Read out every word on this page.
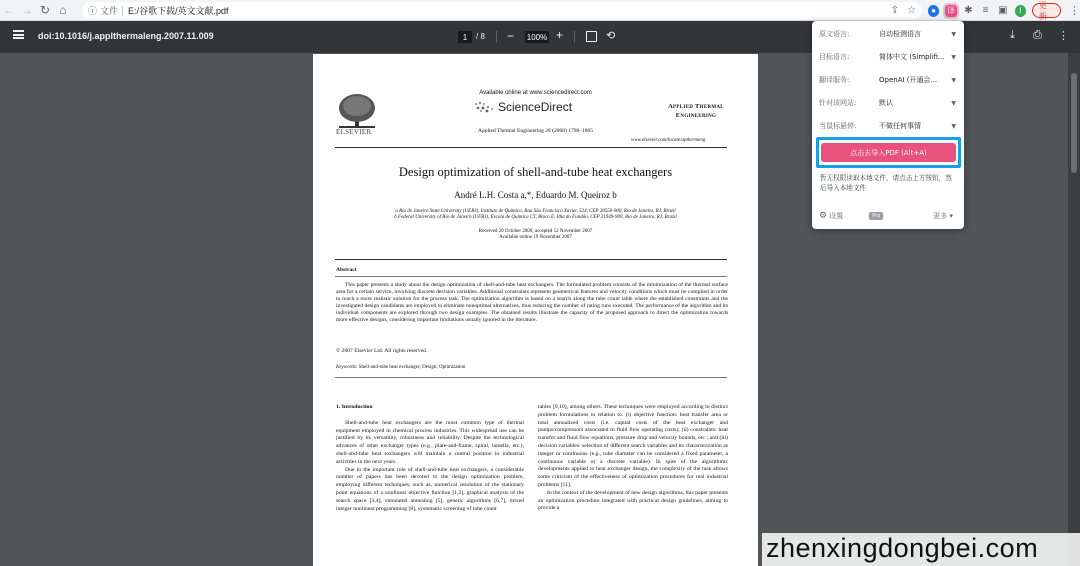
← → ↻ ⌂	ⓘ 文件 E:/谷歌下载/英文文献.pdf	⇪ ☆	●	译 ✱ ≡ ▣	I
更新	⋮
doi:10.1016/j.applthermaleng.2007.11.009	1	/ 8 − 100% +	⟲	⤓ ⎙ ⋮
ELSEVIER
Available online at www.sciencedirect.com
ScienceDirect
Applied Thermal Engineering 28 (2008) 1798–1805
Applied Thermal
Engineering
www.elsevier.com/locate/apthermeng
Design optimization of shell-and-tube heat exchangers
André L.H. Costa a,*, Eduardo M. Queiroz b
a Rio de Janeiro State University (UERJ), Instituto de Química, Rua São Francisco Xavier, 524, CEP 20550-900, Rio de Janeiro, RJ, Brazil
b Federal University of Rio de Janeiro (UFRJ), Escola de Química CT, Bloco E, Ilha do Fundão, CEP 21949-900, Rio de Janeiro, RJ, Brazil
Received 20 October 2006; accepted 12 November 2007
Available online 19 November 2007
Abstract
This paper presents a study about the design optimization of shell-and-tube heat exchangers. The formulated problem consists of the minimization of the thermal surface area for a certain service, involving discrete decision variables. Additional constraints represent geometrical features and velocity conditions which must be complied in order to reach a more realistic solution for the process task. The optimization algorithm is based on a search along the tube count table where the established constraints and the investigated design candidates are employed to eliminate nonoptimal alternatives, thus reducing the number of rating runs executed. The performance of the algorithm and its individual components are explored through two design examples. The obtained results illustrate the capacity of the proposed approach to direct the optimization towards more effective designs, considering important limitations usually ignored in the literature.
© 2007 Elsevier Ltd. All rights reserved.
Keywords: Shell-and-tube heat exchanger; Design; Optimization
1. Introduction
Shell-and-tube heat exchangers are the most common type of thermal equipment employed in chemical process industries. This widespread use can be justified by its versatility, robustness and reliability. Despite the technological advances of other exchanger types (e.g., plate-and-frame, spiral, lamella, etc.), shell-and-tube heat exchangers will maintain a central position in industrial activities in the next years.
Due to the important role of shell-and-tube heat exchangers, a considerable number of papers has been devoted to the design optimization problem, employing different techniques, such as, numerical resolution of the stationary point equations of a nonlinear objective function [1,2], graphical analysis of the search space [3,4], simulated annealing [5], genetic algorithms [6,7], mixed integer nonlinear programming [8], systematic screening of tube count
tables [9,10], among others. These techniques were employed according to distinct problem formulations in relation to: (i) objective function: heat transfer area or total annualized costs (i.e. capital costs of the heat exchanger and pumps/compressors associated to fluid flow operating costs); (ii) constraints: heat transfer and fluid flow equations, pressure drop and velocity bounds, etc.; and (iii) decision variables: selection of different search variables and its characterization as integer or continuous (e.g., tube diameter can be considered a fixed parameter, a continuous variable or a discrete variable). In spite of the algorithmic developments applied to heat exchanger design, the complexity of the task allows some criticism of the effectiveness of optimization procedures for real industrial problems [11].
In the context of the development of new design algorithms, this paper presents an optimization procedure integrated with practical design guidelines, aiming to provide a
原文语言:	自动检测语言	▼
目标语言:	简体中文 (Simplifi... ▼
翻译服务:	OpenAI (开通会... ▼
针对该网站:	默认	▼
当鼠标悬停:	不做任何事情	▼
点击去导入PDF (Alt+A)
暂无权限读取本地文件，请点击上方按钮，然后导入本地文件
⚙ 设置	Pro	更多 ▾
zhenxingdongbei.com
